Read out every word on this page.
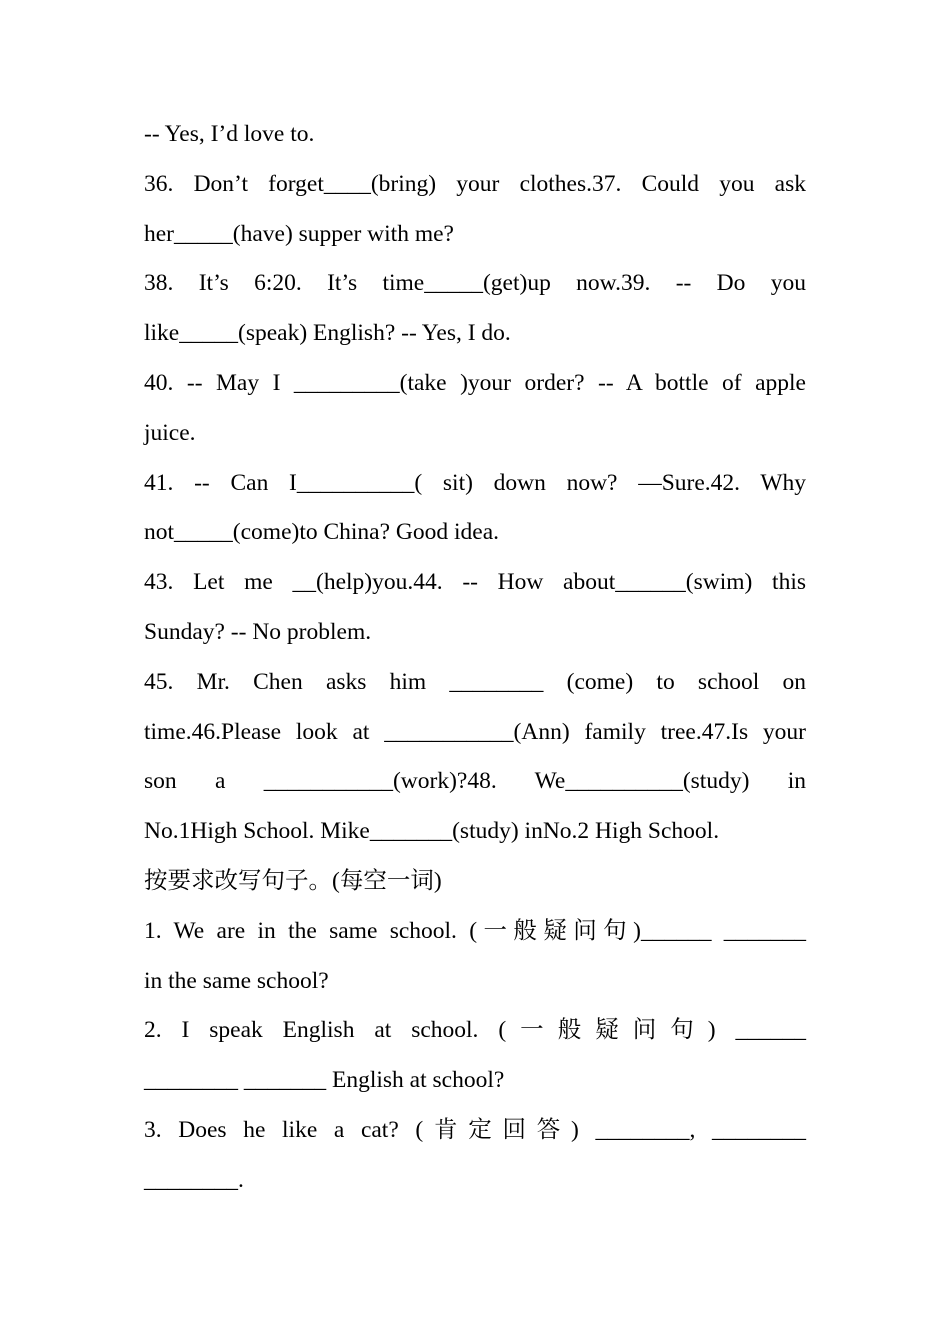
-- Yes, I’d love to.
36. Don’t forget____(bring) your clothes.37. Could you ask
her_____(have) supper with me?
38. It’s 6:20. It’s time_____(get)up now.39. -- Do you
like_____(speak) English? -- Yes, I do.
40. -- May I _________(take )your order? -- A bottle of apple
juice.
41. -- Can I__________( sit) down now? —Sure.42. Why
not_____(come)to China? Good idea.
43. Let me __(help)you.44. -- How about______(swim) this
Sunday? -- No problem.
45. Mr. Chen asks him ________ (come) to school on
time.46.Please look at ___________(Ann) family tree.47.Is your
son a ___________(work)?48. We__________(study) in
No.1High School. Mike_______(study) inNo.2 High School.
按要求改写句子。(每空一词)
1. We are in the same school. (一般疑问句)______ _______
in the same school?
2. I speak English at school. (一般疑问句) ______
________ _______ English at school?
3. Does he like a cat? (肯定回答) ________, ________
________.
